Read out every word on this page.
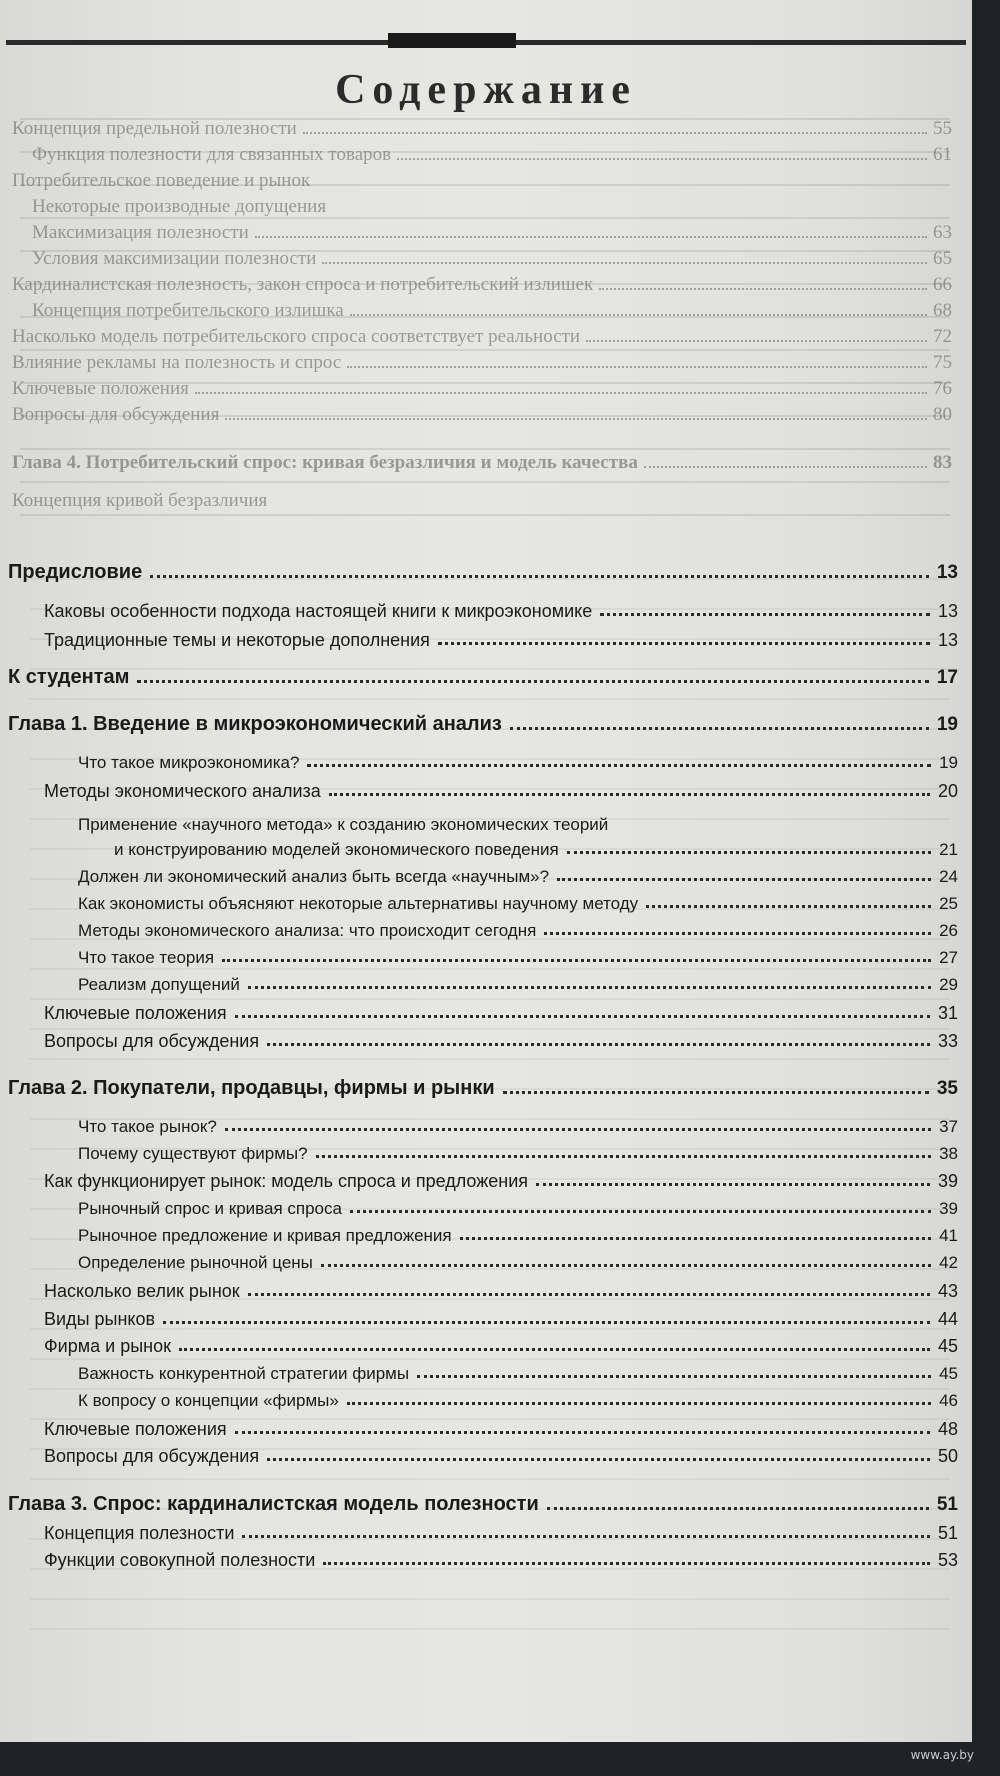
Содержание
Концепция предельной полезности	55
Функция полезности для связанных товаров	61
Потребительское поведение и рынок
Некоторые производные допущения
Максимизация полезности	63
Условия максимизации полезности	65
Кардиналистская полезность, закон спроса и потребительский излишек	66
Концепция потребительского излишка	68
Насколько модель потребительского спроса соответствует реальности	72
Влияние рекламы на полезность и спрос	75
Ключевые положения	76
Вопросы для обсуждения	80
Глава 4. Потребительский спрос: кривая безразличия и модель качества	83
Концепция кривой безразличия
Предисловие	13
Каковы особенности подхода настоящей книги к микроэкономике	13
Традиционные темы и некоторые дополнения	13
К студентам	17
Глава 1. Введение в микроэкономический анализ	19
Что такое микроэкономика?	19
Методы экономического анализа	20
Применение «научного метода» к созданию экономических теорий
и конструированию моделей экономического поведения	21
Должен ли экономический анализ быть всегда «научным»?	24
Как экономисты объясняют некоторые альтернативы научному методу	25
Методы экономического анализа: что происходит сегодня	26
Что такое теория	27
Реализм допущений	29
Ключевые положения	31
Вопросы для обсуждения	33
Глава 2. Покупатели, продавцы, фирмы и рынки	35
Что такое рынок?	37
Почему существуют фирмы?	38
Как функционирует рынок: модель спроса и предложения	39
Рыночный спрос и кривая спроса	39
Рыночное предложение и кривая предложения	41
Определение рыночной цены	42
Насколько велик рынок	43
Виды рынков	44
Фирма и рынок	45
Важность конкурентной стратегии фирмы	45
К вопросу о концепции «фирмы»	46
Ключевые положения	48
Вопросы для обсуждения	50
Глава 3. Спрос: кардиналистская модель полезности	51
Концепция полезности	51
Функции совокупной полезности	53
www.ay.by
